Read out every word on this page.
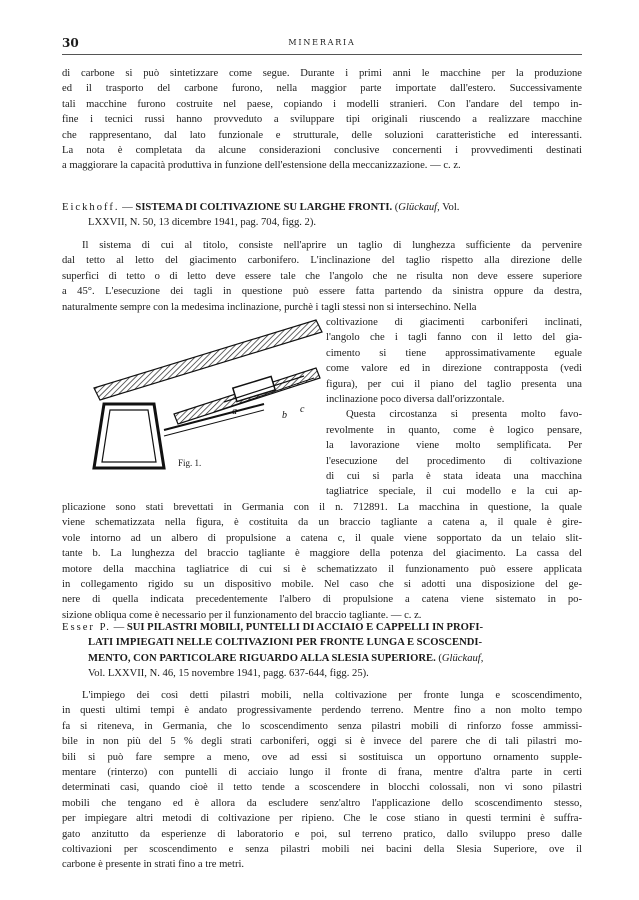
30	MINERARIA
di carbone si può sintetizzare come segue. Durante i primi anni le macchine per la produzione
ed il trasporto del carbone furono, nella maggior parte importate dall'estero. Successivamente
tali macchine furono costruite nel paese, copiando i modelli stranieri. Con l'andare del tempo in-
fine i tecnici russi hanno provveduto a sviluppare tipi originali riuscendo a realizzare macchine
che rappresentano, dal lato funzionale e strutturale, delle soluzioni caratteristiche ed interessanti.
La nota è completata da alcune considerazioni conclusive concernenti i provvedimenti destinati
a maggiorare la capacità produttiva in funzione dell'estensione della meccanizzazione. — c. z.
Eickhoff. — SISTEMA DI COLTIVAZIONE SU LARGHE FRONTI. (Glückauf, Vol.
LXXVII, N. 50, 13 dicembre 1941, pag. 704, figg. 2).
Il sistema di cui al titolo, consiste nell'aprire un taglio di lunghezza sufficiente da pervenire
dal tetto al letto del giacimento carbonifero. L'inclinazione del taglio rispetto alla direzione delle
superfici di tetto o di letto deve essere tale che l'angolo che ne risulta non deve essere superiore
a 45°. L'esecuzione dei tagli in questione può essere fatta partendo da sinistra oppure da destra,
naturalmente sempre con la medesima inclinazione, purchè i tagli stessi non si intersechino. Nella
a	b
c
Fig. 1.
coltivazione di giacimenti carboniferi inclinati,
l'angolo che i tagli fanno con il letto del gia-
cimento si tiene approssimativamente eguale
come valore ed in direzione contrapposta (vedi
figura), per cui il piano del taglio presenta una
inclinazione poco diversa dall'orizzontale.
Questa circostanza si presenta molto favo-
revolmente in quanto, come è logico pensare,
la lavorazione viene molto semplificata. Per
l'esecuzione del procedimento di coltivazione
di cui si parla è stata ideata una macchina
tagliatrice speciale, il cui modello e la cui ap-
plicazione sono stati brevettati in Germania con il n. 712891. La macchina in questione, la quale
viene schematizzata nella figura, è costituita da un braccio tagliante a catena a, il quale è gire-
vole intorno ad un albero di propulsione a catena c, il quale viene sopportato da un telaio slit-
tante b. La lunghezza del braccio tagliante è maggiore della potenza del giacimento. La cassa del
motore della macchina tagliatrice di cui si è schematizzato il funzionamento può essere applicata
in collegamento rigido su un dispositivo mobile. Nel caso che si adotti una disposizione del ge-
nere di quella indicata precedentemente l'albero di propulsione a catena viene sistemato in po-
sizione obliqua come è necessario per il funzionamento del braccio tagliante. — c. z.
Esser P. — SUI PILASTRI MOBILI, PUNTELLI DI ACCIAIO E CAPPELLI IN PROFI-
LATI IMPIEGATI NELLE COLTIVAZIONI PER FRONTE LUNGA E SCOSCENDI-
MENTO, CON PARTICOLARE RIGUARDO ALLA SLESIA SUPERIORE. (Glückauf,
Vol. LXXVII, N. 46, 15 novembre 1941, pagg. 637-644, figg. 25).
L'impiego dei così detti pilastri mobili, nella coltivazione per fronte lunga e scoscendimento,
in questi ultimi tempi è andato progressivamente perdendo terreno. Mentre fino a non molto tempo
fa si riteneva, in Germania, che lo scoscendimento senza pilastri mobili di rinforzo fosse ammissi-
bile in non più del 5 % degli strati carboniferi, oggi si è invece del parere che di tali pilastri mo-
bili si può fare sempre a meno, ove ad essi si sostituisca un opportuno ornamento supple-
mentare (rinterzo) con puntelli di acciaio lungo il fronte di frana, mentre d'altra parte in certi
determinati casi, quando cioè il tetto tende a scoscendere in blocchi colossali, non vi sono pilastri
mobili che tengano ed è allora da escludere senz'altro l'applicazione dello scoscendimento stesso,
per impiegare altri metodi di coltivazione per ripieno. Che le cose stiano in questi termini è suffra-
gato anzitutto da esperienze di laboratorio e poi, sul terreno pratico, dallo sviluppo preso dalle
coltivazioni per scoscendimento e senza pilastri mobili nei bacini della Slesia Superiore, ove il
carbone è presente in strati fino a tre metri.
